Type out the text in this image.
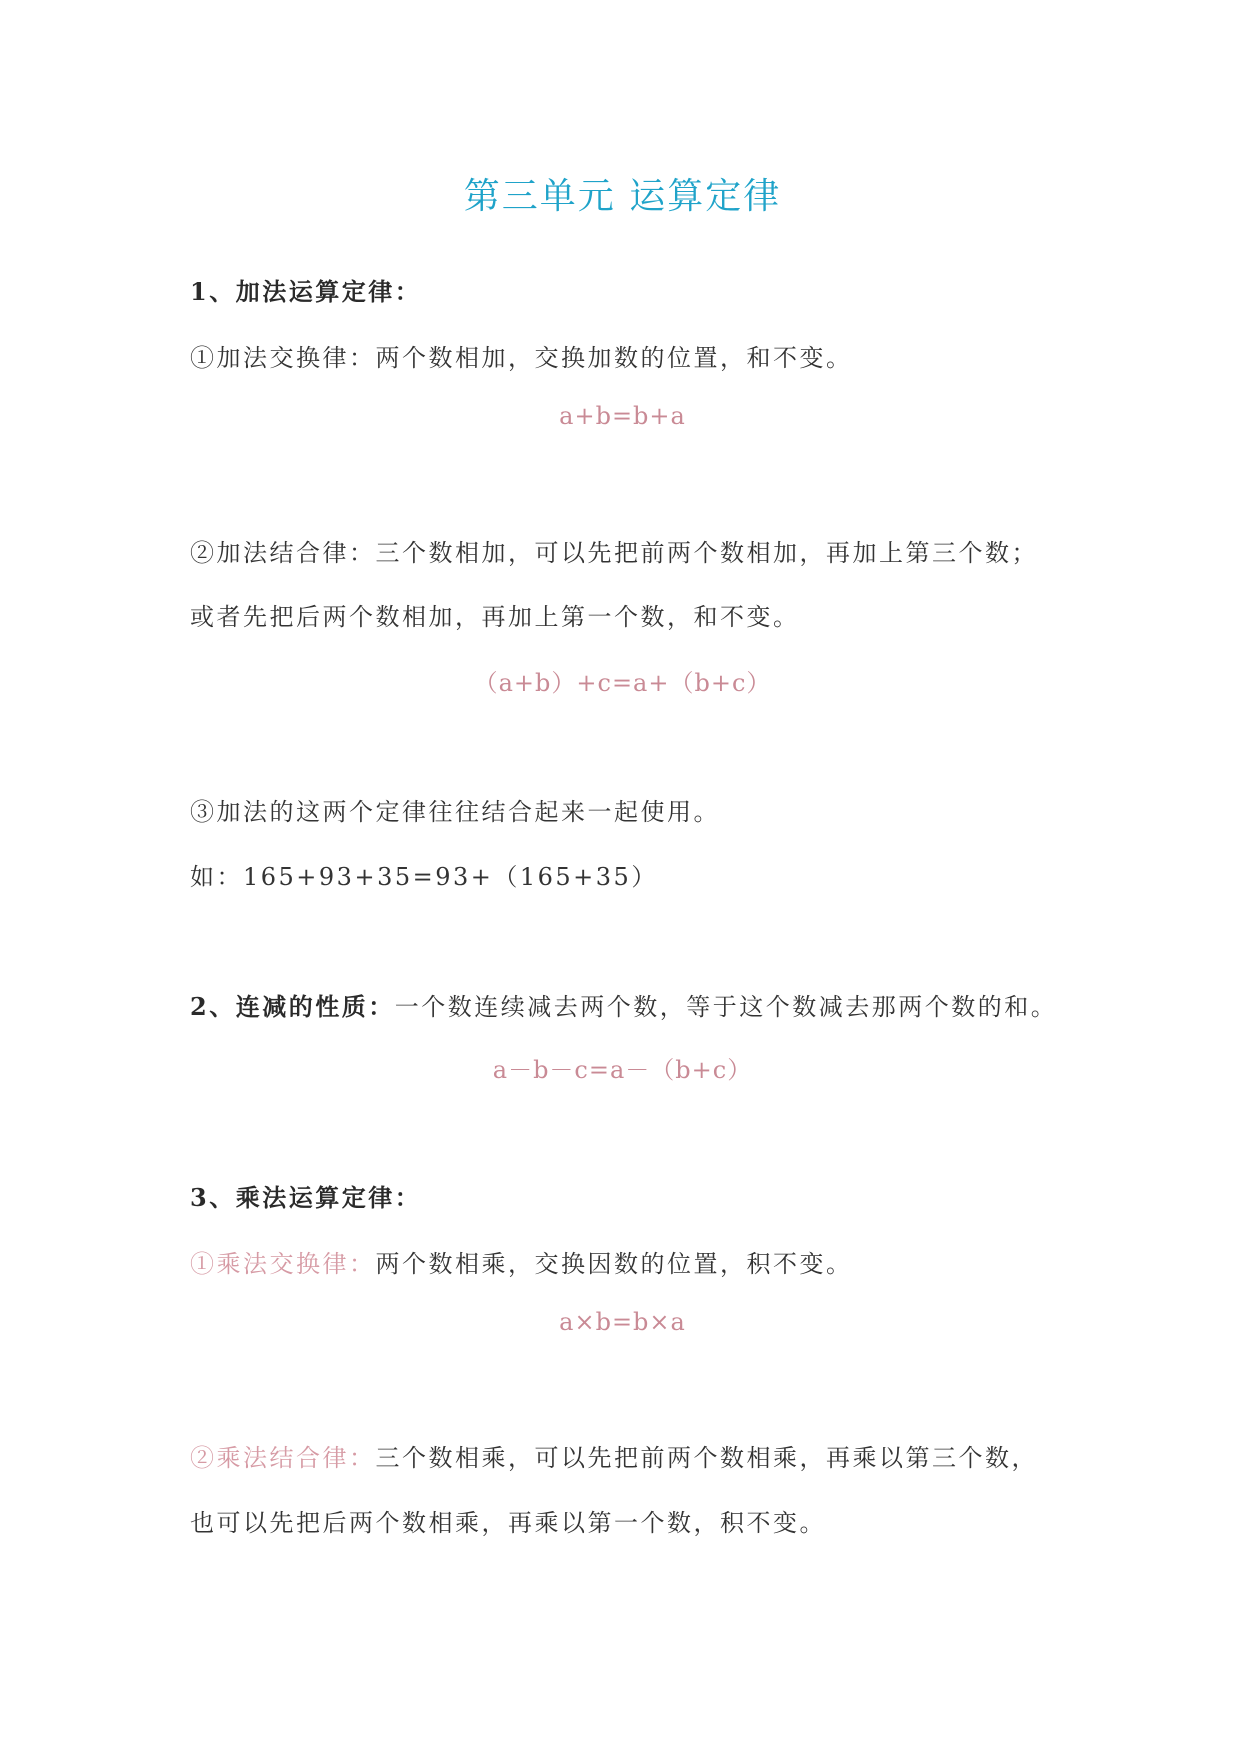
第三单元 运算定律
1、加法运算定律：
①加法交换律：两个数相加，交换加数的位置，和不变。
a+b=b+a
②加法结合律：三个数相加，可以先把前两个数相加，再加上第三个数；
或者先把后两个数相加，再加上第一个数，和不变。
（a+b）+c=a+（b+c）
③加法的这两个定律往往结合起来一起使用。
如：165+93+35=93+（165+35）
2、连减的性质：一个数连续减去两个数，等于这个数减去那两个数的和。
a－b－c=a－（b+c）
3、乘法运算定律：
①乘法交换律：两个数相乘，交换因数的位置，积不变。
a×b=b×a
②乘法结合律：三个数相乘，可以先把前两个数相乘，再乘以第三个数，
也可以先把后两个数相乘，再乘以第一个数，积不变。
